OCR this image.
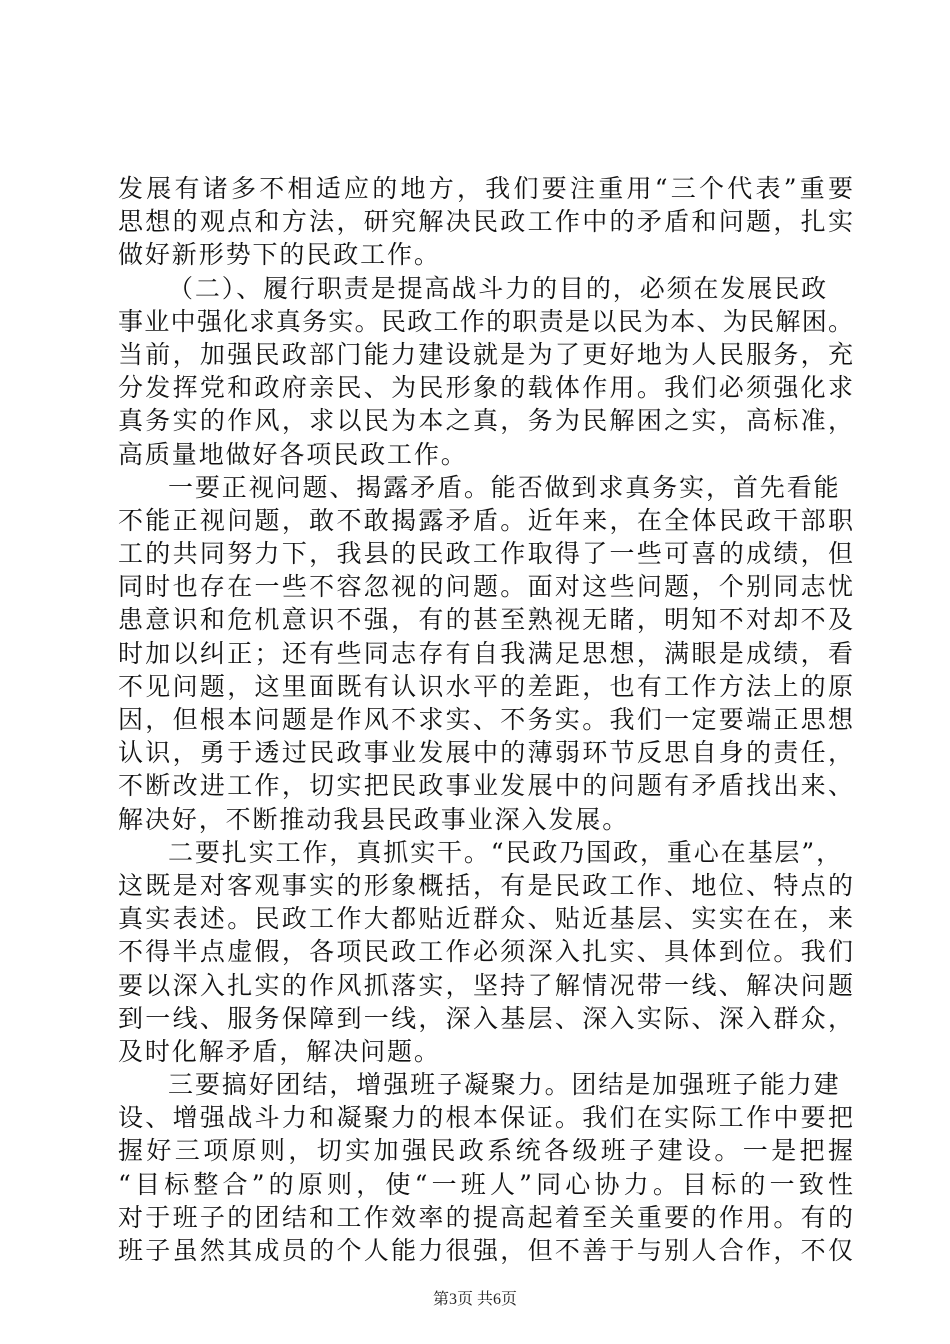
发展有诸多不相适应的地方，我们要注重用“三个代表”重要
思想的观点和方法，研究解决民政工作中的矛盾和问题，扎实
做好新形势下的民政工作。
（二）、履行职责是提高战斗力的目的，必须在发展民政
事业中强化求真务实。民政工作的职责是以民为本、为民解困。
当前，加强民政部门能力建设就是为了更好地为人民服务，充
分发挥党和政府亲民、为民形象的载体作用。我们必须强化求
真务实的作风，求以民为本之真，务为民解困之实，高标准，
高质量地做好各项民政工作。
一要正视问题、揭露矛盾。能否做到求真务实，首先看能
不能正视问题，敢不敢揭露矛盾。近年来，在全体民政干部职
工的共同努力下，我县的民政工作取得了一些可喜的成绩，但
同时也存在一些不容忽视的问题。面对这些问题，个别同志忧
患意识和危机意识不强，有的甚至熟视无睹，明知不对却不及
时加以纠正；还有些同志存有自我满足思想，满眼是成绩，看
不见问题，这里面既有认识水平的差距，也有工作方法上的原
因，但根本问题是作风不求实、不务实。我们一定要端正思想
认识，勇于透过民政事业发展中的薄弱环节反思自身的责任，
不断改进工作，切实把民政事业发展中的问题有矛盾找出来、
解决好，不断推动我县民政事业深入发展。
二要扎实工作，真抓实干。“民政乃国政，重心在基层”，
这既是对客观事实的形象概括，有是民政工作、地位、特点的
真实表述。民政工作大都贴近群众、贴近基层、实实在在，来
不得半点虚假，各项民政工作必须深入扎实、具体到位。我们
要以深入扎实的作风抓落实，坚持了解情况带一线、解决问题
到一线、服务保障到一线，深入基层、深入实际、深入群众，
及时化解矛盾，解决问题。
三要搞好团结，增强班子凝聚力。团结是加强班子能力建
设、增强战斗力和凝聚力的根本保证。我们在实际工作中要把
握好三项原则，切实加强民政系统各级班子建设。一是把握
“目标整合”的原则，使“一班人”同心协力。目标的一致性
对于班子的团结和工作效率的提高起着至关重要的作用。有的
班子虽然其成员的个人能力很强，但不善于与别人合作，不仅
第3页 共6页
